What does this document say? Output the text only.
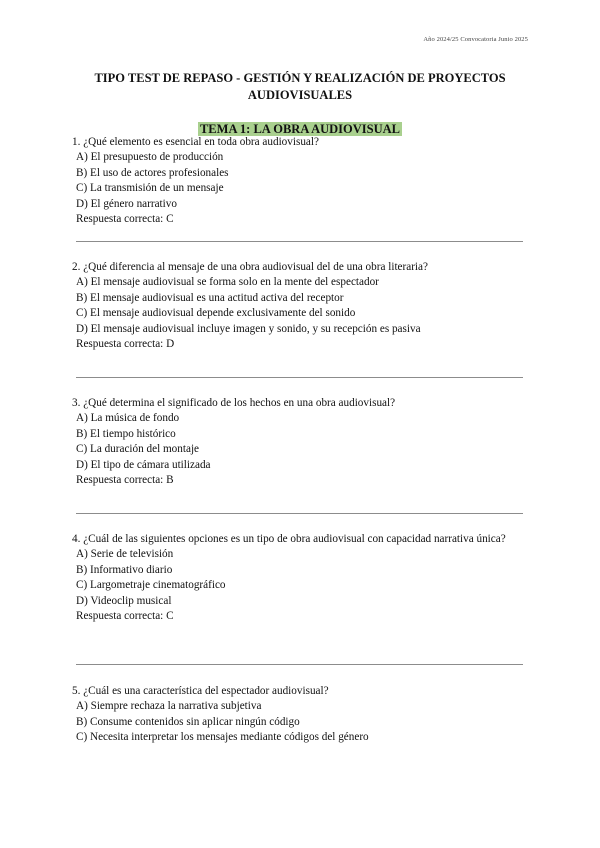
Año 2024/25 Convocatoria Junio 2025
TIPO TEST DE REPASO - GESTIÓN Y REALIZACIÓN DE PROYECTOS
AUDIOVISUALES
TEMA 1: LA OBRA AUDIOVISUAL

1. ¿Qué elemento es esencial en toda obra audiovisual?

A) El presupuesto de producción

B) El uso de actores profesionales

C) La transmisión de un mensaje

D) El género narrativo

Respuesta correcta: C

2. ¿Qué diferencia al mensaje de una obra audiovisual del de una obra literaria?

A) El mensaje audiovisual se forma solo en la mente del espectador

B) El mensaje audiovisual es una actitud activa del receptor

C) El mensaje audiovisual depende exclusivamente del sonido

D) El mensaje audiovisual incluye imagen y sonido, y su recepción es pasiva

Respuesta correcta: D

3. ¿Qué determina el significado de los hechos en una obra audiovisual?

A) La música de fondo

B) El tiempo histórico

C) La duración del montaje

D) El tipo de cámara utilizada

Respuesta correcta: B

4. ¿Cuál de las siguientes opciones es un tipo de obra audiovisual con capacidad narrativa única?

A) Serie de televisión

B) Informativo diario

C) Largometraje cinematográfico

D) Videoclip musical

Respuesta correcta: C

5. ¿Cuál es una característica del espectador audiovisual?

A) Siempre rechaza la narrativa subjetiva

B) Consume contenidos sin aplicar ningún código

C) Necesita interpretar los mensajes mediante códigos del género
